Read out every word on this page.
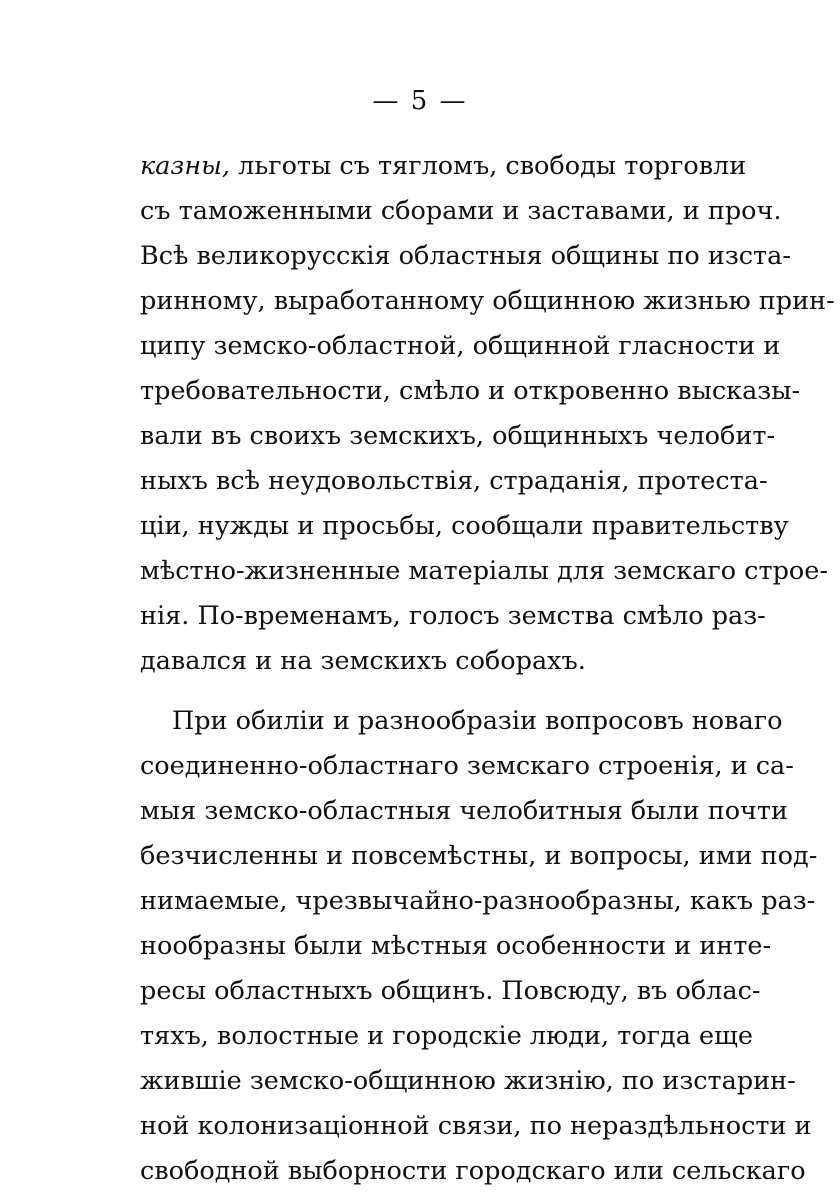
— 5 —
казны, льготы съ тягломъ, свободы торговли
съ таможенными сборами и заставами, и проч.
Всѣ великорусскія областныя общины по изста-
ринному, выработанному общинною жизнью прин-
ципу земско-областной, общинной гласности и
требовательности, смѣло и откровенно высказы-
вали въ своихъ земскихъ, общинныхъ челобит-
ныхъ всѣ неудовольствія, страданія, протеста-
ціи, нужды и просьбы, сообщали правительству
мѣстно-жизненные матеріалы для земскаго строе-
нія. По-временамъ, голосъ земства смѣло раз-
давался и на земскихъ соборахъ.
При обиліи и разнообразіи вопросовъ новаго
соединенно-областнаго земскаго строенія, и са-
мыя земско-областныя челобитныя были почти
безчисленны и повсемѣстны, и вопросы, ими под-
нимаемые, чрезвычайно-разнообразны, какъ раз-
нообразны были мѣстныя особенности и инте-
ресы областныхъ общинъ. Повсюду, въ облас-
тяхъ, волостные и городскіе люди, тогда еще
жившіе земско-общинною жизнію, по изстарин-
ной колонизаціонной связи, по нераздѣльности и
свободной выборности городскаго или сельскаго
